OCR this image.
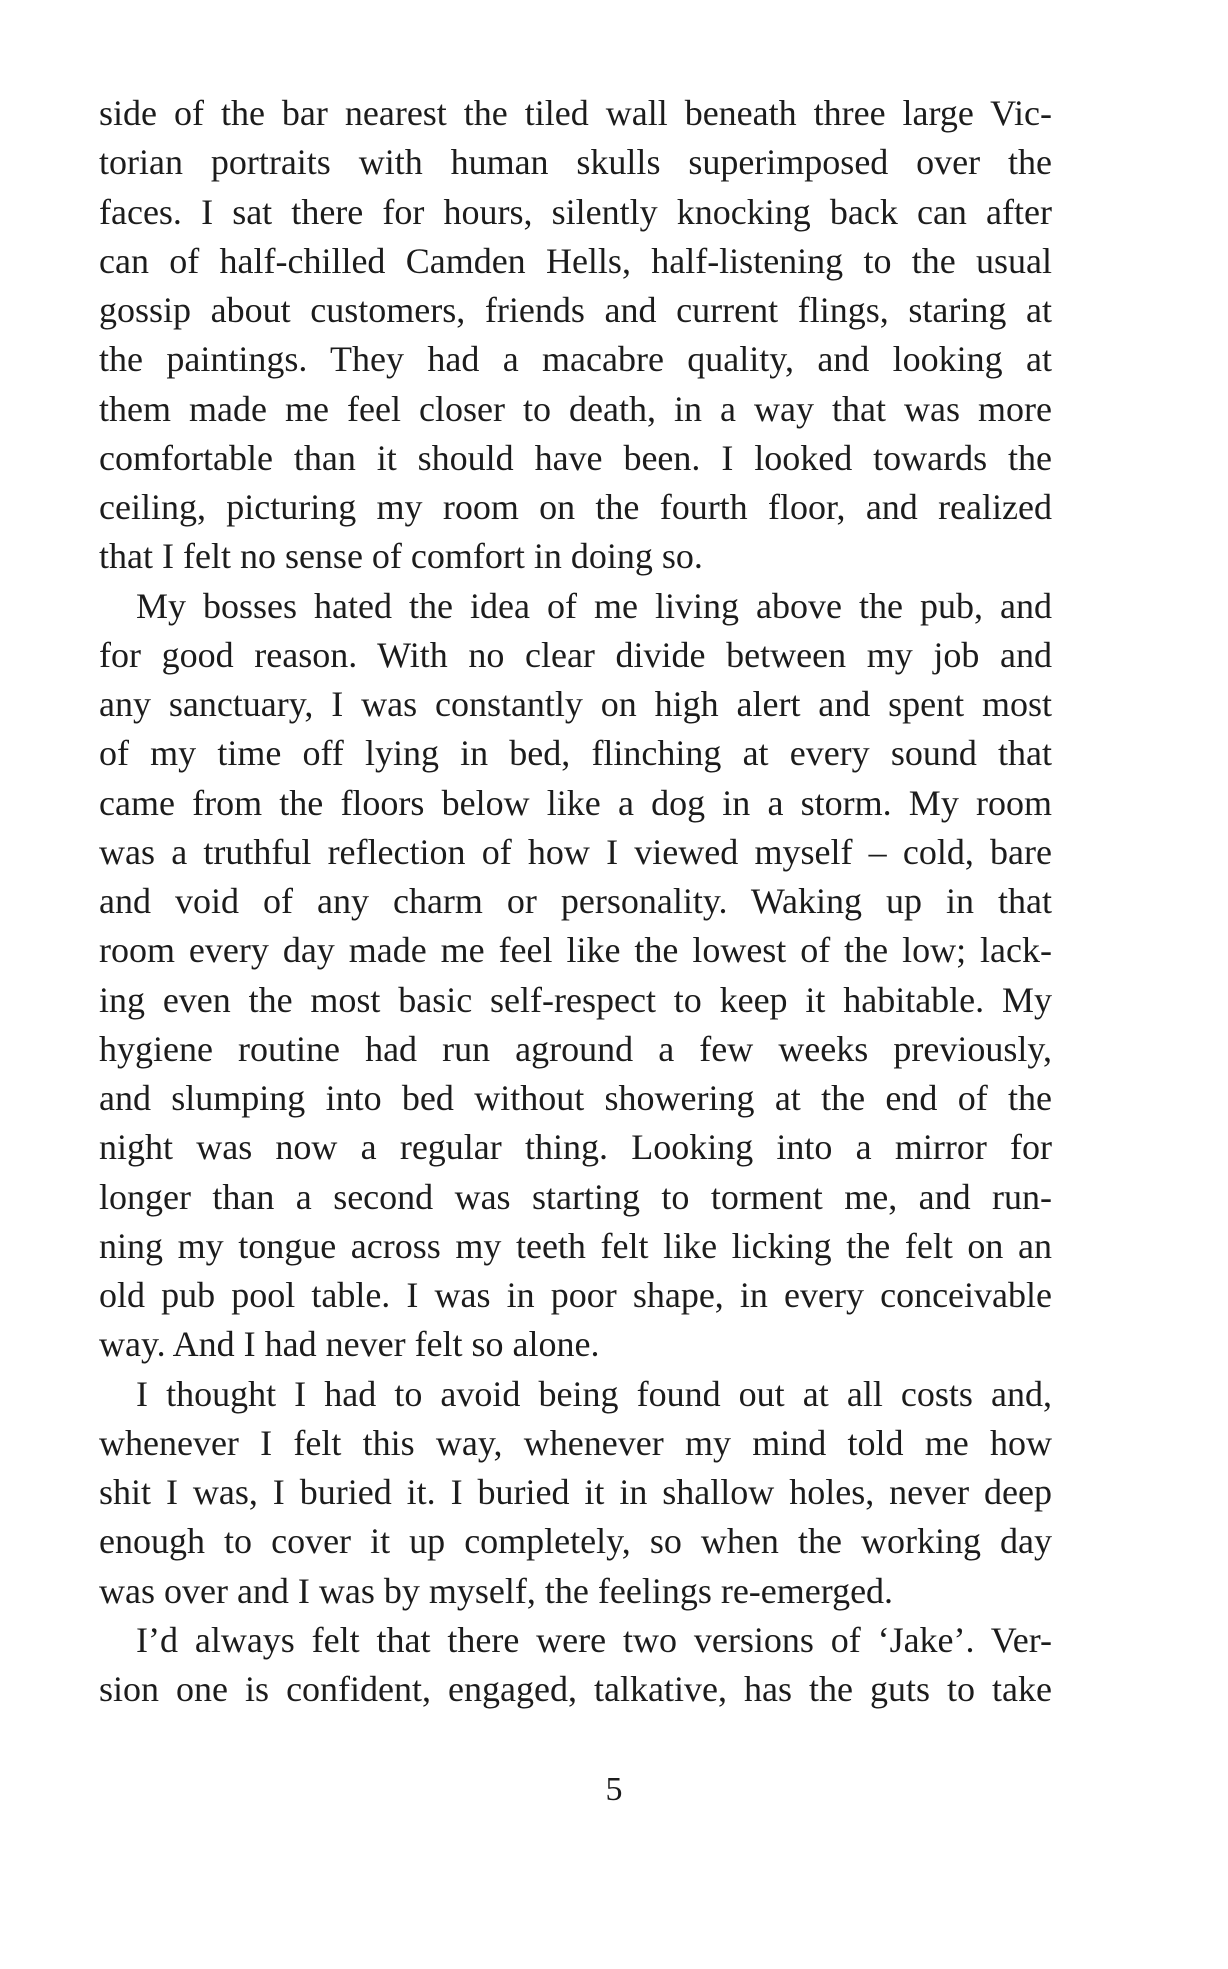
side of the bar nearest the tiled wall beneath three large Vic-
torian portraits with human skulls superimposed over the
faces. I sat there for hours, silently knocking back can after
can of half-chilled Camden Hells, half-listening to the usual
gossip about customers, friends and current flings, staring at
the paintings. They had a macabre quality, and looking at
them made me feel closer to death, in a way that was more
comfortable than it should have been. I looked towards the
ceiling, picturing my room on the fourth floor, and realized
that I felt no sense of comfort in doing so.
My bosses hated the idea of me living above the pub, and
for good reason. With no clear divide between my job and
any sanctuary, I was constantly on high alert and spent most
of my time off lying in bed, flinching at every sound that
came from the floors below like a dog in a storm. My room
was a truthful reflection of how I viewed myself – cold, bare
and void of any charm or personality. Waking up in that
room every day made me feel like the lowest of the low; lack-
ing even the most basic self-respect to keep it habitable. My
hygiene routine had run aground a few weeks previously,
and slumping into bed without showering at the end of the
night was now a regular thing. Looking into a mirror for
longer than a second was starting to torment me, and run-
ning my tongue across my teeth felt like licking the felt on an
old pub pool table. I was in poor shape, in every conceivable
way. And I had never felt so alone.
I thought I had to avoid being found out at all costs and,
whenever I felt this way, whenever my mind told me how
shit I was, I buried it. I buried it in shallow holes, never deep
enough to cover it up completely, so when the working day
was over and I was by myself, the feelings re-emerged.
I’d always felt that there were two versions of ‘Jake’. Ver-
sion one is confident, engaged, talkative, has the guts to take
5
